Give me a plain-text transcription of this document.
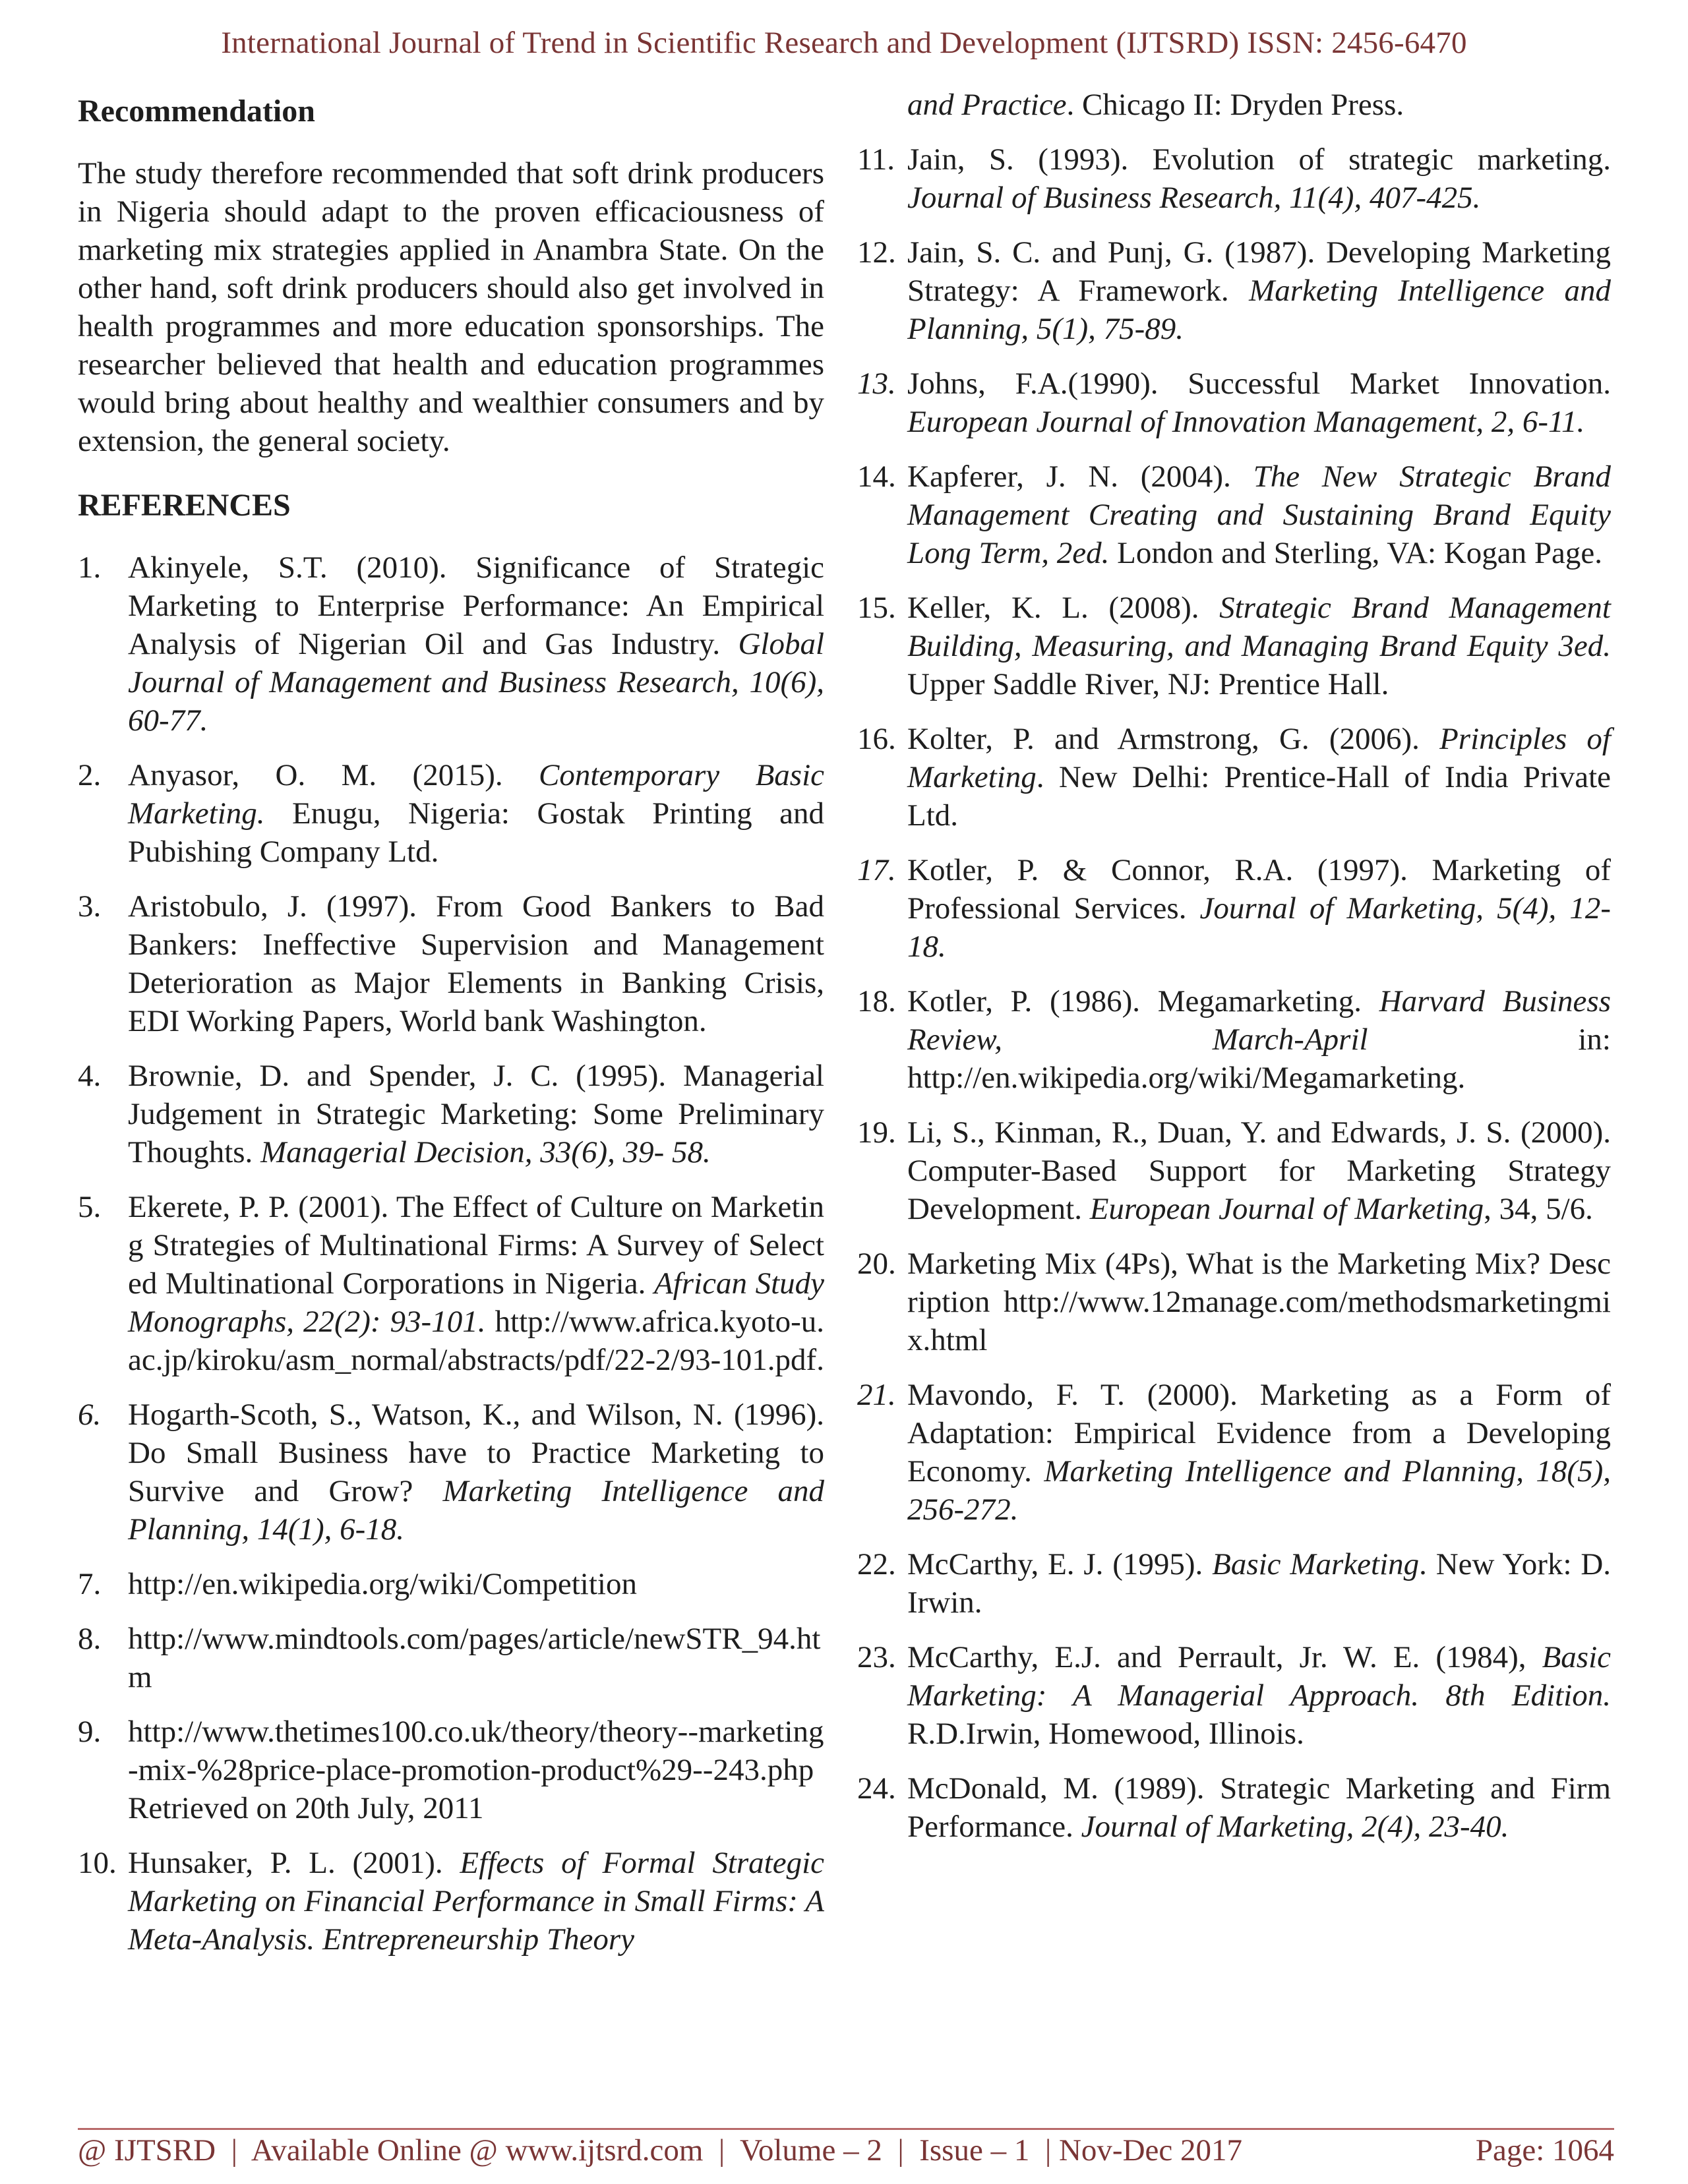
International Journal of Trend in Scientific Research and Development (IJTSRD) ISSN: 2456-6470
Recommendation
The study therefore recommended that soft drink producers in Nigeria should adapt to the proven efficaciousness of marketing mix strategies applied in Anambra State. On the other hand, soft drink producers should also get involved in health programmes and more education sponsorships. The researcher believed that health and education programmes would bring about healthy and wealthier consumers and by extension, the general society.
REFERENCES
1. Akinyele, S.T. (2010). Significance of Strategic Marketing to Enterprise Performance: An Empirical Analysis of Nigerian Oil and Gas Industry. Global Journal of Management and Business Research, 10(6), 60-77.
2. Anyasor, O. M. (2015). Contemporary Basic Marketing. Enugu, Nigeria: Gostak Printing and Pubishing Company Ltd.
3. Aristobulo, J. (1997). From Good Bankers to Bad Bankers: Ineffective Supervision and Management Deterioration as Major Elements in Banking Crisis, EDI Working Papers, World bank Washington.
4. Brownie, D. and Spender, J. C. (1995). Managerial Judgement in Strategic Marketing: Some Preliminary Thoughts. Managerial Decision, 33(6), 39- 58.
5. Ekerete, P. P. (2001). The Effect of Culture on Marketing Strategies of Multinational Firms: A Survey of Selected Multinational Corporations in Nigeria. African Study Monographs, 22(2): 93-101. http://www.africa.kyoto-u.ac.jp/kiroku/asm_normal/abstracts/pdf/22-2/93-101.pdf.
6. Hogarth-Scoth, S., Watson, K., and Wilson, N. (1996). Do Small Business have to Practice Marketing to Survive and Grow? Marketing Intelligence and Planning, 14(1), 6-18.
7. http://en.wikipedia.org/wiki/Competition
8. http://www.mindtools.com/pages/article/newSTR_94.htm
9. http://www.thetimes100.co.uk/theory/theory--marketing-mix-%28price-place-promotion-product%29--243.php Retrieved on 20th July, 2011
10. Hunsaker, P. L. (2001). Effects of Formal Strategic Marketing on Financial Performance in Small Firms: A Meta-Analysis. Entrepreneurship Theory
and Practice. Chicago II: Dryden Press.
11. Jain, S. (1993). Evolution of strategic marketing. Journal of Business Research, 11(4), 407-425.
12. Jain, S. C. and Punj, G. (1987). Developing Marketing Strategy: A Framework. Marketing Intelligence and Planning, 5(1), 75-89.
13. Johns, F.A.(1990). Successful Market Innovation. European Journal of Innovation Management, 2, 6-11.
14. Kapferer, J. N. (2004). The New Strategic Brand Management Creating and Sustaining Brand Equity Long Term, 2ed. London and Sterling, VA: Kogan Page.
15. Keller, K. L. (2008). Strategic Brand Management Building, Measuring, and Managing Brand Equity 3ed. Upper Saddle River, NJ: Prentice Hall.
16. Kolter, P. and Armstrong, G. (2006). Principles of Marketing. New Delhi: Prentice-Hall of India Private Ltd.
17. Kotler, P. & Connor, R.A. (1997). Marketing of Professional Services. Journal of Marketing, 5(4), 12-18.
18. Kotler, P. (1986). Megamarketing. Harvard Business Review, March-April in: http://en.wikipedia.org/wiki/Megamarketing.
19. Li, S., Kinman, R., Duan, Y. and Edwards, J. S. (2000). Computer-Based Support for Marketing Strategy Development. European Journal of Marketing, 34, 5/6.
20. Marketing Mix (4Ps), What is the Marketing Mix? Description http://www.12manage.com/methodsmarketingmix.html
21. Mavondo, F. T. (2000). Marketing as a Form of Adaptation: Empirical Evidence from a Developing Economy. Marketing Intelligence and Planning, 18(5), 256-272.
22. McCarthy, E. J. (1995). Basic Marketing. New York: D. Irwin.
23. McCarthy, E.J. and Perrault, Jr. W. E. (1984), Basic Marketing: A Managerial Approach. 8th Edition. R.D.Irwin, Homewood, Illinois.
24. McDonald, M. (1989). Strategic Marketing and Firm Performance. Journal of Marketing, 2(4), 23-40.
@ IJTSRD  |  Available Online @ www.ijtsrd.com  |  Volume – 2  |  Issue – 1  | Nov-Dec 2017	Page: 1064
